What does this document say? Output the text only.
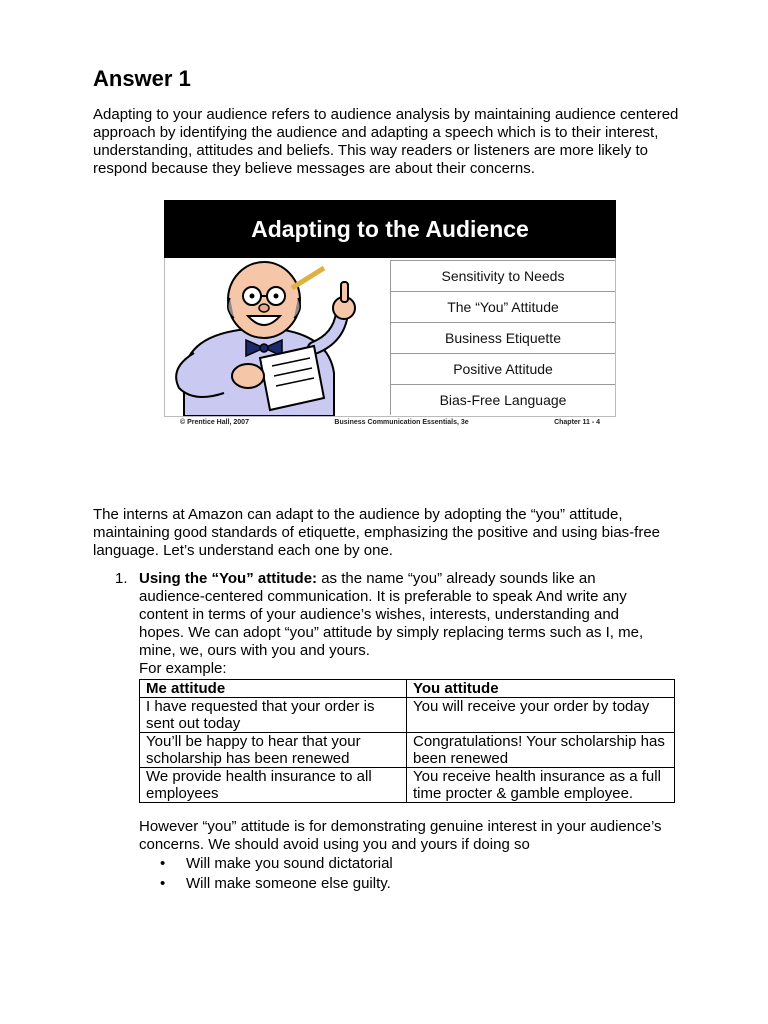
Answer 1

Adapting to your audience refers to audience analysis by maintaining audience centered approach by identifying the audience and adapting a speech which is to their interest, understanding, attitudes and beliefs. This way readers or listeners are more likely to respond because they believe messages are about their concerns.

Adapting to the Audience
Sensitivity to Needs
The “You” Attitude
Business Etiquette
Positive Attitude
Bias-Free Language
© Prentice Hall, 2007	Business Communication Essentials, 3e	Chapter 11 - 4

The interns at Amazon can adapt to the audience by adopting the “you” attitude, maintaining good standards of etiquette, emphasizing the positive and using bias-free language. Let’s understand each one by one.

1. Using the “You” attitude: as the name “you” already sounds like an audience-centered communication. It is preferable to speak And write any content in terms of your audience’s wishes, interests, understanding and hopes. We can adopt “you” attitude by simply replacing terms such as I, me, mine, we, ours with you and yours.
For example:
Me attitude	You attitude
I have requested that your order is sent out today	You will receive your order by today
You’ll be happy to hear that your scholarship has been renewed	Congratulations! Your scholarship has been renewed
We provide health insurance to all employees	You receive health insurance as a full time procter & gamble employee.

However “you” attitude is for demonstrating genuine interest in your audience’s concerns. We should avoid using you and yours if doing so

• Will make you sound dictatorial
• Will make someone else guilty.
